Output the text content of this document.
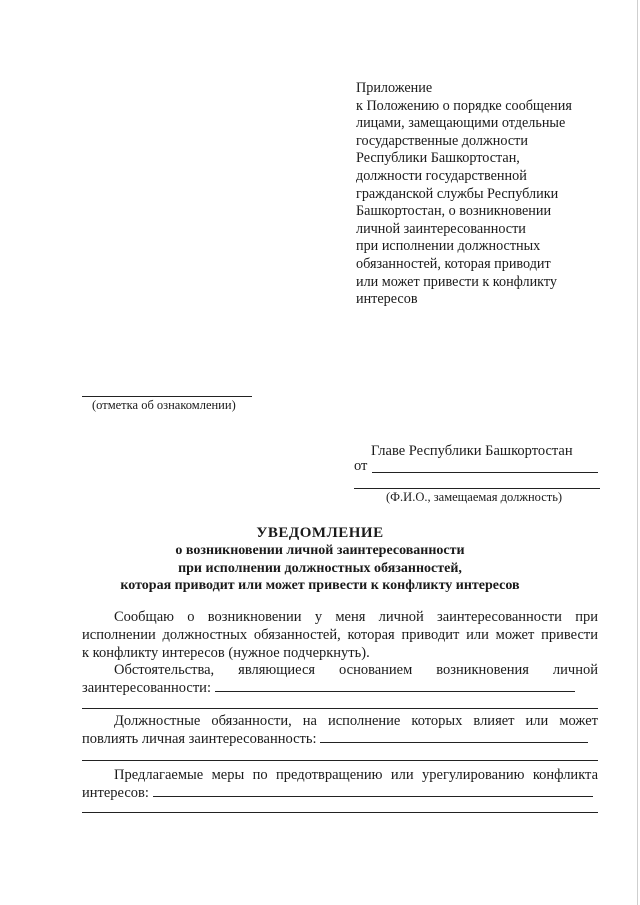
Приложение
к Положению о порядке сообщения
лицами, замещающими отдельные
государственные должности
Республики Башкортостан,
должности государственной
гражданской службы Республики
Башкортостан, о возникновении
личной заинтересованности
при исполнении должностных
обязанностей, которая приводит
или может привести к конфликту
интересов
(отметка об ознакомлении)
Главе Республики Башкортостан
от
(Ф.И.О., замещаемая должность)
УВЕДОМЛЕНИЕ
о возникновении личной заинтересованности
при исполнении должностных обязанностей,
которая приводит или может привести к конфликту интересов
Сообщаю о возникновении у меня личной заинтересованности при
исполнении должностных обязанностей, которая приводит или может привести
к конфликту интересов (нужное подчеркнуть).
Обстоятельства, являющиеся основанием возникновения личной
заинтересованности:
Должностные обязанности, на исполнение которых влияет или может
повлиять личная заинтересованность:
Предлагаемые меры по предотвращению или урегулированию конфликта
интересов:
